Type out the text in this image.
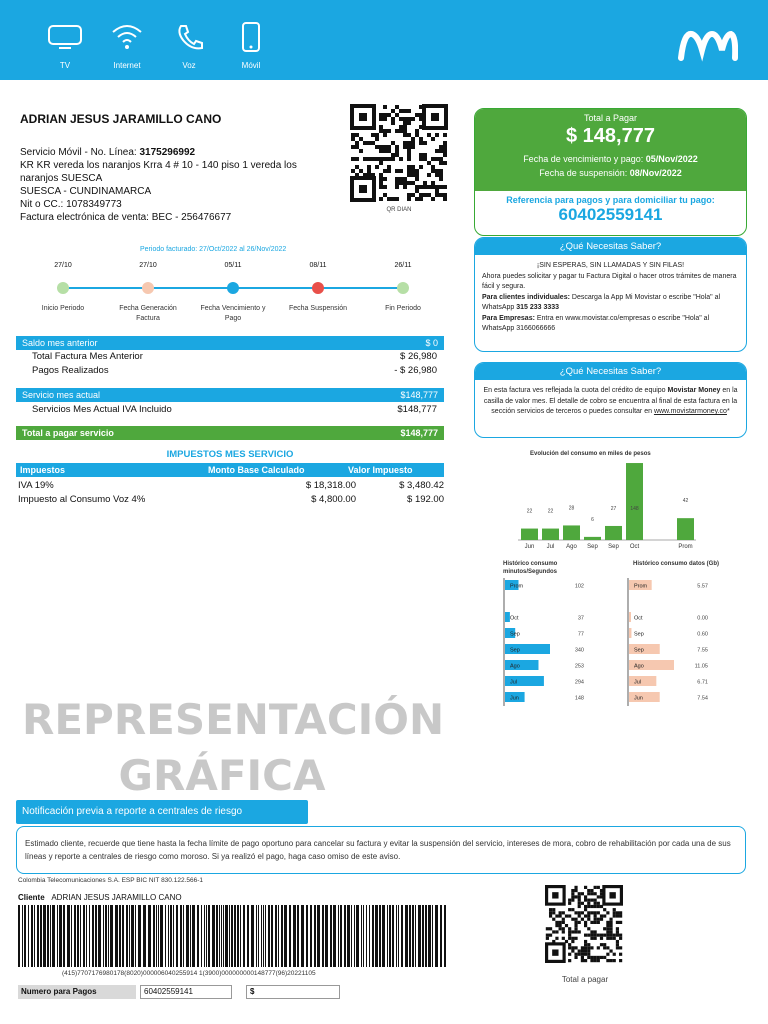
TV	Internet	Voz	Móvil
ADRIAN JESUS JARAMILLO CANO
Servicio Móvil - No. Línea: 3175296992
KR KR vereda los naranjos Krra 4 # 10 - 140 piso 1 vereda los naranjos SUESCA
SUESCA - CUNDINAMARCA
Nit o CC.: 1078349773
Factura electrónica de venta: BEC - 256476677
QR DIAN
Total a Pagar
$ 148,777
Fecha de vencimiento y pago: 05/Nov/2022
Fecha de suspensión: 08/Nov/2022
Referencia para pagos y para domiciliar tu pago:
60402559141
Periodo facturado: 27/Oct/2022 al 26/Nov/2022
27/10
Inicio Periodo
27/10
Fecha Generación Factura
05/11
Fecha Vencimiento y Pago
08/11
Fecha Suspensión
26/11
Fin Periodo
Saldo mes anterior	$ 0
Total Factura Mes Anterior	$ 26,980
Pagos Realizados	- $ 26,980
Servicio mes actual	$148,777
Servicios Mes Actual IVA Incluido	$148,777
Total a pagar servicio	$148,777
IMPUESTOS MES SERVICIO
Impuestos	Monto Base Calculado	Valor Impuesto
IVA 19%	$ 18,318.00	$ 3,480.42
Impuesto al Consumo Voz 4%	$ 4,800.00	$ 192.00
¿Qué Necesitas Saber?
¡SIN ESPERAS, SIN LLAMADAS Y SIN FILAS!
Ahora puedes solicitar y pagar tu Factura Digital o hacer otros trámites de manera fácil y segura.
Para clientes individuales: Descarga la App Mi Movistar o escribe "Hola" al WhatsApp 315 233 3333
Para Empresas: Entra en www.movistar.co/empresas o escribe "Hola" al WhatsApp 3166066666
¿Qué Necesitas Saber?
En esta factura ves reflejada la cuota del crédito de equipo Movistar Money en la casilla de valor mes. El detalle de cobro se encuentra al final de esta factura en la sección servicios de terceros o puedes consultar en www.movistarmoney.co*
Evolución del consumo en miles de pesos
22
Jun
22
Jul
28
Ago
6
Sep
27
Sep
148
Oct
42
Prom
Histórico consumo minutos/Segundos
Prom	102
Oct	37
Sep	77
Sep	340
Ago	253
Jul	294
Jun	148
Histórico consumo datos (Gb)
Prom	5.57
Oct	0.00
Sep	0.60
Sep	7.55
Ago	11.05
Jul	6.71
Jun	7.54
REPRESENTACIÓN
GRÁFICA
Notificación previa a reporte a centrales de riesgo
Estimado cliente, recuerde que tiene hasta la fecha límite de pago oportuno para cancelar su factura y evitar la suspensión del servicio, intereses de mora, cobro de rehabilitación por cada una de sus líneas y reporte a centrales de riesgo como moroso. Si ya realizó el pago, haga caso omiso de este aviso.
Colombia Telecomunicaciones S.A. ESP BIC NIT 830.122.566-1
Cliente ADRIAN JESUS JARAMILLO CANO
(415)7707176980178(8020)000006040255914 1(3900)000000000148777(96)20221105
Numero para Pagos	60402559141	$
Total a pagar
